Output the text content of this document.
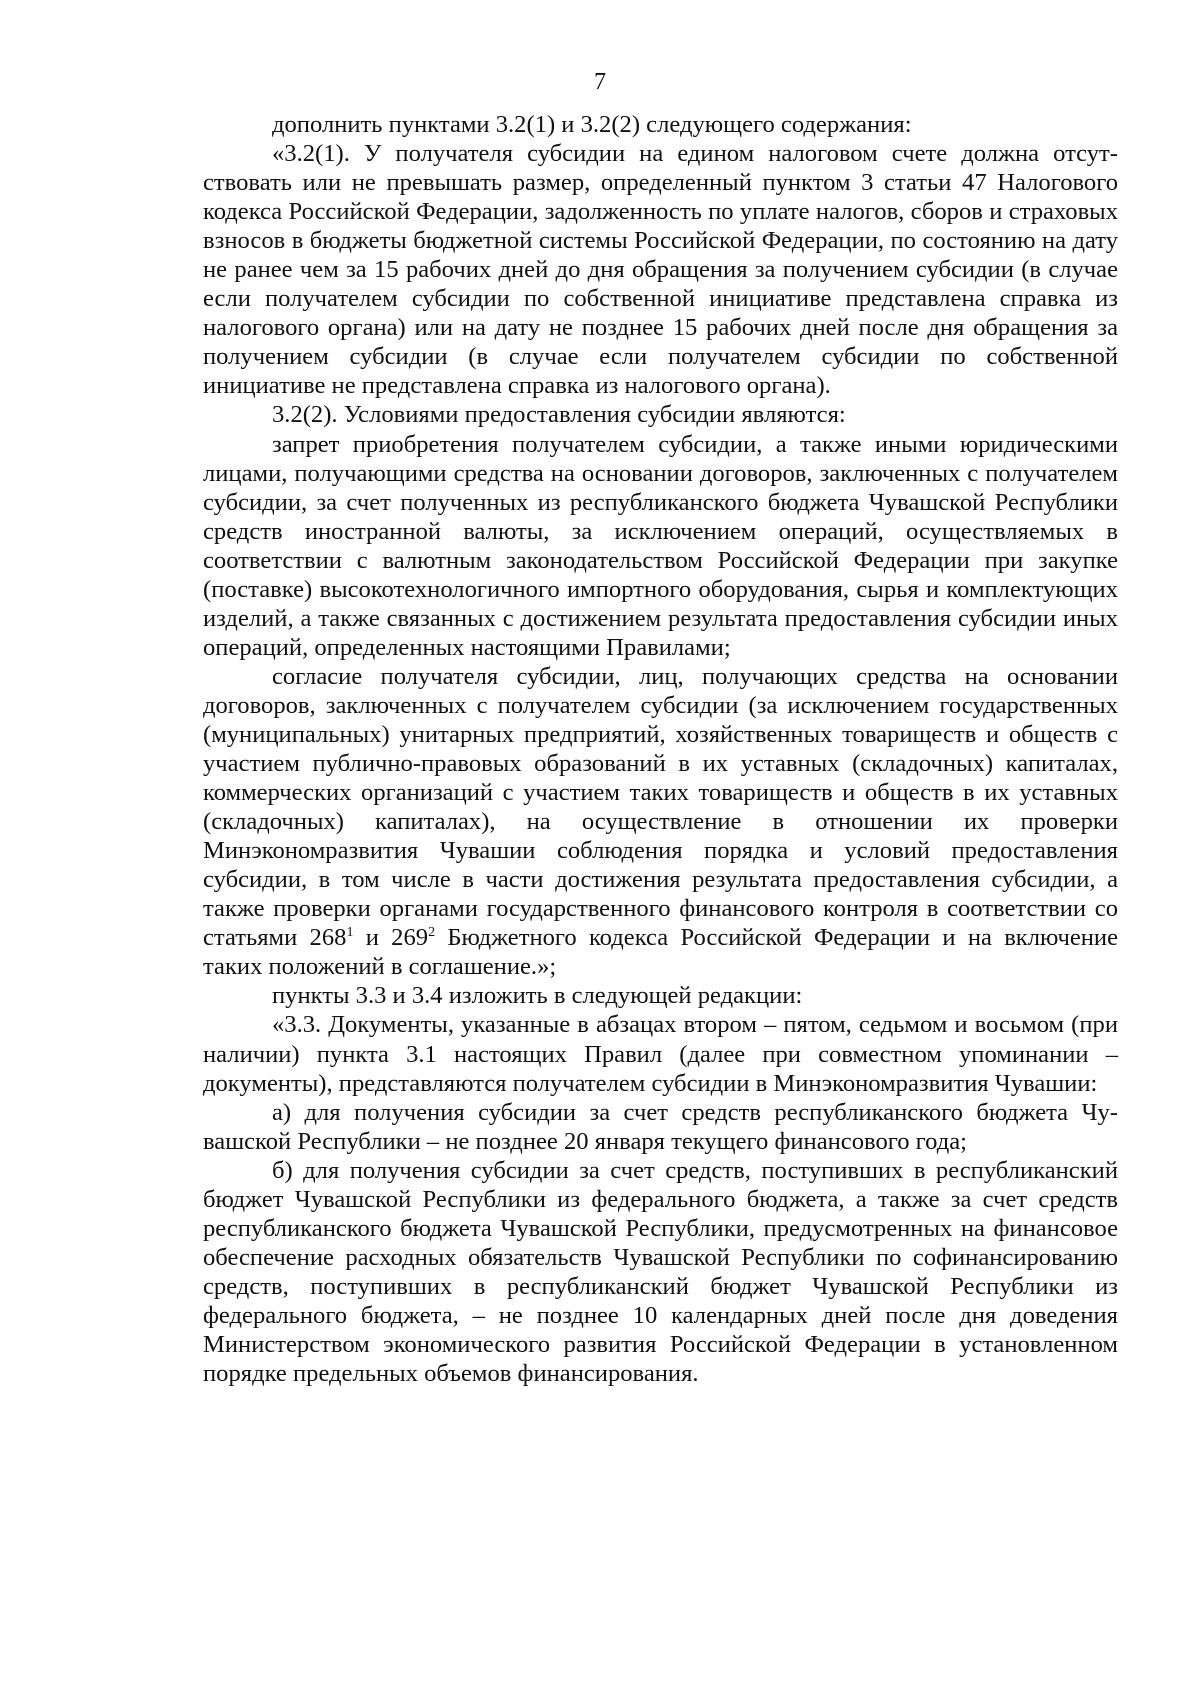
7

дополнить пунктами 3.2(1) и 3.2(2) следующего содержания:

«3.2(1). У получателя субсидии на едином налоговом счете должна отсутствовать или не превышать размер, определенный пунктом 3 статьи 47 Налогового кодекса Российской Федерации, задолженность по уплате налогов, сборов и страховых взносов в бюджеты бюджетной системы Российской Федерации, по состоянию на дату не ранее чем за 15 рабочих дней до дня обращения за получением субсидии (в случае если получателем субсидии по собственной инициативе представлена справка из налогового органа) или на дату не позднее 15 рабочих дней после дня обращения за получением субсидии (в случае если получателем субсидии по собственной инициативе не представлена справка из налогового органа).

3.2(2). Условиями предоставления субсидии являются:

запрет приобретения получателем субсидии, а также иными юридическими лицами, получающими средства на основании договоров, заключенных с получателем субсидии, за счет полученных из республиканского бюджета Чувашской Республики средств иностранной валюты, за исключением операций, осуществляемых в соответствии с валютным законодательством Российской Федерации при закупке (поставке) высокотехнологичного импортного оборудования, сырья и комплектующих изделий, а также связанных с достижением результата предоставления субсидии иных операций, определенных настоящими Правилами;

согласие получателя субсидии, лиц, получающих средства на основании договоров, заключенных с получателем субсидии (за исключением государственных (муниципальных) унитарных предприятий, хозяйственных товариществ и обществ с участием публично-правовых образований в их уставных (складочных) капиталах, коммерческих организаций с участием таких товариществ и обществ в их уставных (складочных) капиталах), на осуществление в отношении их проверки Минэкономразвития Чувашии соблюдения порядка и условий предоставления субсидии, в том числе в части достижения результата предоставления субсидии, а также проверки органами государственного финансового контроля в соответствии со статьями $268^1$ и $269^2$ Бюджетного кодекса Российской Федерации и на включение таких положений в соглашение.»;

пункты 3.3 и 3.4 изложить в следующей редакции:

«3.3. Документы, указанные в абзацах втором – пятом, седьмом и восьмом (при наличии) пункта 3.1 настоящих Правил (далее при совместном упоминании – документы), представляются получателем субсидии в Минэкономразвития Чувашии:

а) для получения субсидии за счет средств республиканского бюджета Чувашской Республики – не позднее 20 января текущего финансового года;

б) для получения субсидии за счет средств, поступивших в республиканский бюджет Чувашской Республики из федерального бюджета, а также за счет средств республиканского бюджета Чувашской Республики, предусмотренных на финансовое обеспечение расходных обязательств Чувашской Республики по софинансированию средств, поступивших в республиканский бюджет Чувашской Республики из федерального бюджета, – не позднее 10 календарных дней после дня доведения Министерством экономического развития Российской Федерации в установленном порядке предельных объемов финансирования.
